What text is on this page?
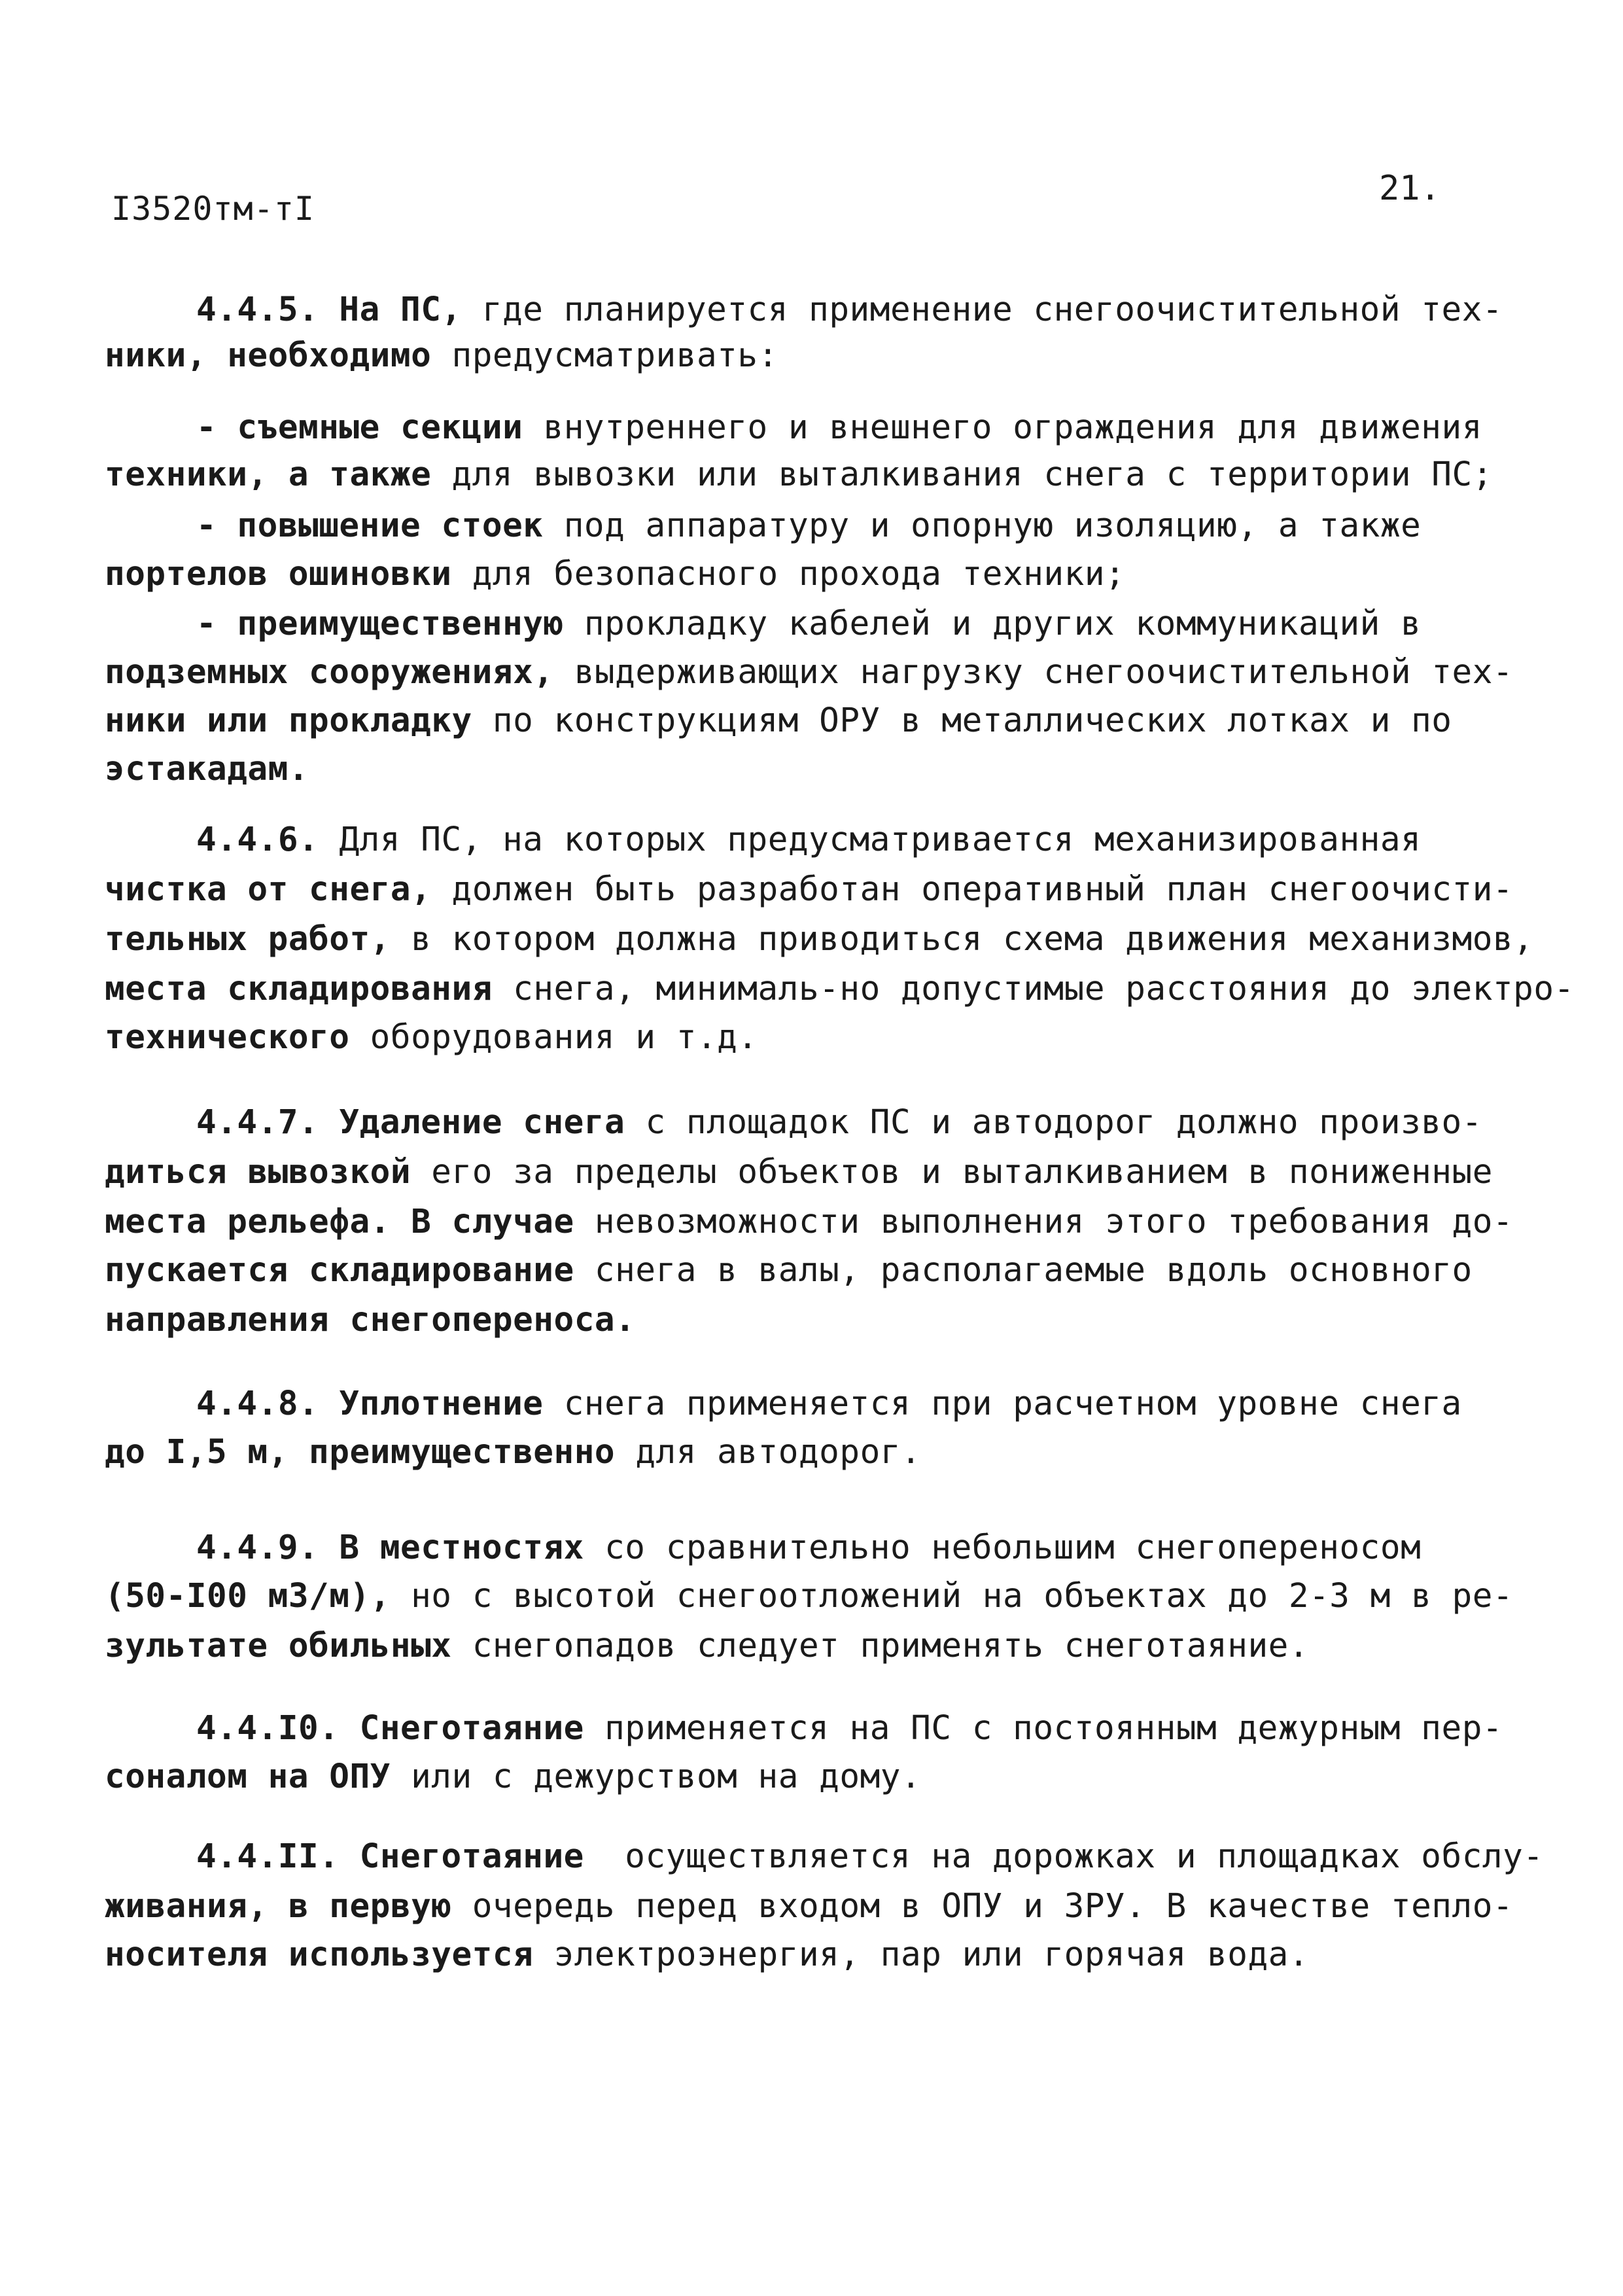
I3520тм-тI
21.
4.4.5. На ПС, где планируется применение снегоочистительной тех-
ники, необходимо предусматривать:
- съемные секции внутреннего и внешнего ограждения для движения
техники, а также для вывозки или выталкивания снега с территории ПС;
- повышение стоек под аппаратуру и опорную изоляцию, а также
портелов ошиновки для безопасного прохода техники;
- преимущественную прокладку кабелей и других коммуникаций в
подземных сооружениях, выдерживающих нагрузку снегоочистительной тех-
ники или прокладку по конструкциям ОРУ в металлических лотках и по
эстакадам.
4.4.6. Для ПС, на которых предусматривается механизированная
чистка от снега, должен быть разработан оперативный план снегоочисти-
тельных работ, в котором должна приводиться схема движения механизмов,
места складирования снега, минималь-но допустимые расстояния до электро-
технического оборудования и т.д.
4.4.7. Удаление снега с площадок ПС и автодорог должно произво-
диться вывозкой его за пределы объектов и выталкиванием в пониженные
места рельефа. В случае невозможности выполнения этого требования до-
пускается складирование снега в валы, располагаемые вдоль основного
направления снегопереноса.
4.4.8. Уплотнение снега применяется при расчетном уровне снега
до I,5 м, преимущественно для автодорог.
4.4.9. В местностях со сравнительно небольшим снегопереносом
(50-I00 м3/м), но с высотой снегоотложений на объектах до 2-3 м в ре-
зультате обильных снегопадов следует применять снеготаяние.
4.4.I0. Снеготаяние применяется на ПС с постоянным дежурным пер-
соналом на ОПУ или с дежурством на дому.
4.4.II. Снеготаяние  осуществляется на дорожках и площадках обслу-
живания, в первую очередь перед входом в ОПУ и ЗРУ. В качестве тепло-
носителя используется электроэнергия, пар или горячая вода.
